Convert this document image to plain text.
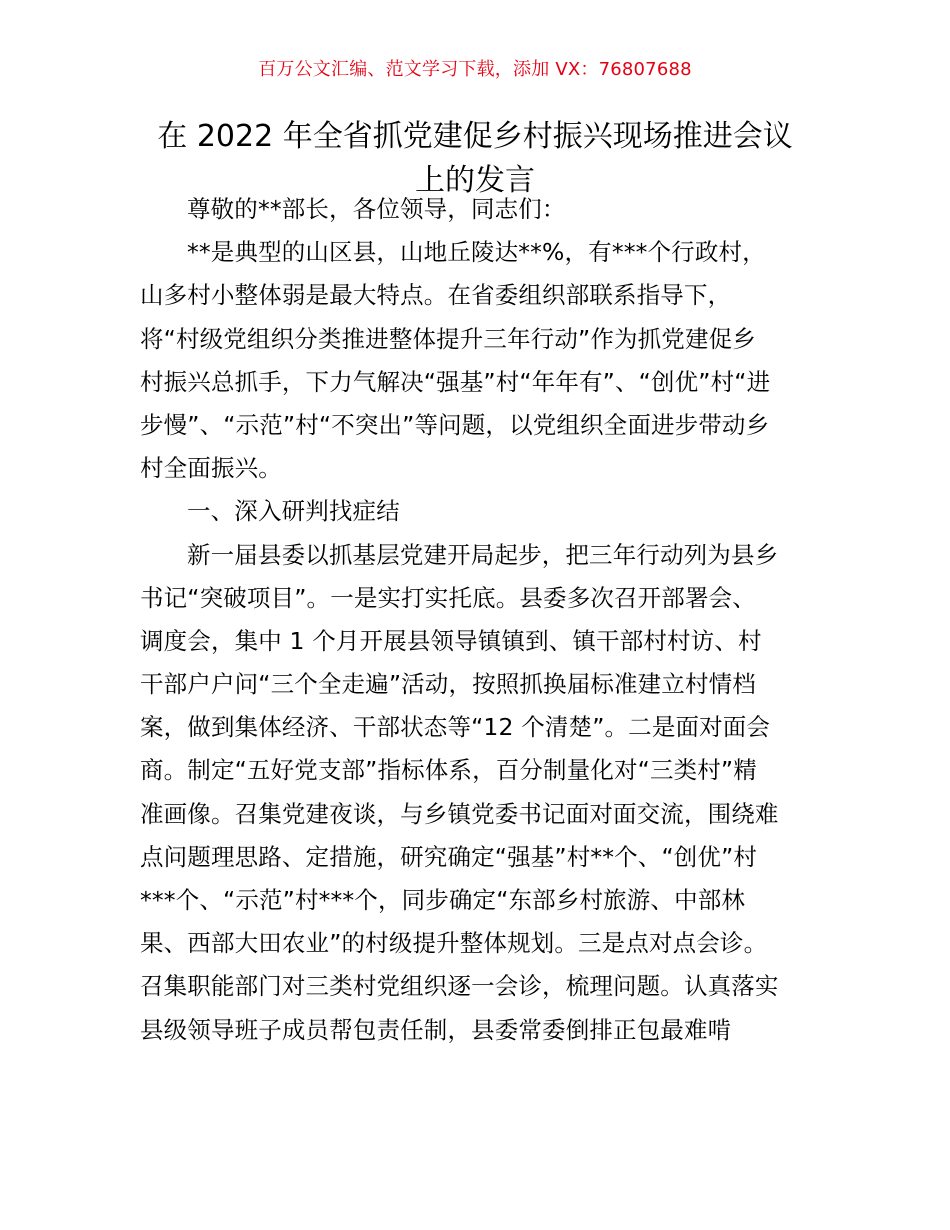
百万公文汇编、范文学习下载，添加 VX：76807688
在 2022 年全省抓党建促乡村振兴现场推进会议
上的发言
尊敬的**部长，各位领导，同志们：
**是典型的山区县，山地丘陵达**%，有***个行政村，
山多村小整体弱是最大特点。在省委组织部联系指导下，
将“村级党组织分类推进整体提升三年行动”作为抓党建促乡
村振兴总抓手，下力气解决“强基”村“年年有”、“创优”村“进
步慢”、“示范”村“不突出”等问题，以党组织全面进步带动乡
村全面振兴。
一、深入研判找症结
新一届县委以抓基层党建开局起步，把三年行动列为县乡
书记“突破项目”。一是实打实托底。县委多次召开部署会、
调度会，集中 1 个月开展县领导镇镇到、镇干部村村访、村
干部户户问“三个全走遍”活动，按照抓换届标准建立村情档
案，做到集体经济、干部状态等“12 个清楚”。二是面对面会
商。制定“五好党支部”指标体系，百分制量化对“三类村”精
准画像。召集党建夜谈，与乡镇党委书记面对面交流，围绕难
点问题理思路、定措施，研究确定“强基”村**个、“创优”村
***个、“示范”村***个，同步确定“东部乡村旅游、中部林
果、西部大田农业”的村级提升整体规划。三是点对点会诊。
召集职能部门对三类村党组织逐一会诊，梳理问题。认真落实
县级领导班子成员帮包责任制，县委常委倒排正包最难啃
